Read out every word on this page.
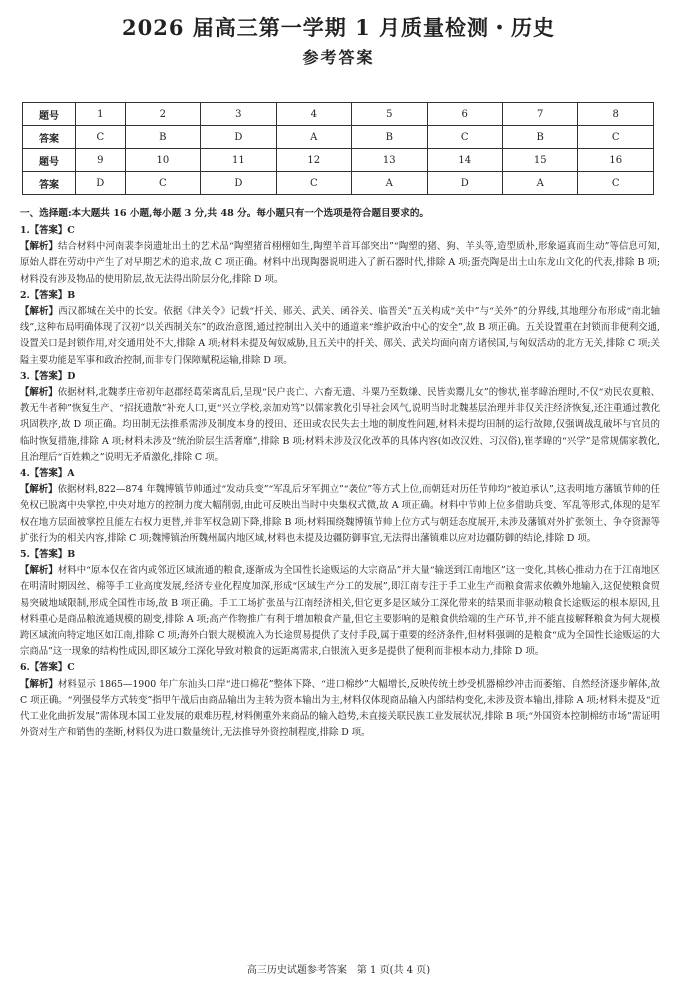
2026 届高三第一学期 1 月质量检测・历史
参考答案
题号	1	2	3	4	5	6	7	8
答案	C	B	D	A	B	C	B	C
题号	9	10	11	12	13	14	15	16
答案	D	C	D	C	A	D	A	C
一、选择题:本大题共 16 小题,每小题 3 分,共 48 分。每小题只有一个选项是符合题目要求的。
1.【答案】C

【解析】结合材料中河南裴李岗遗址出土的艺术品“陶塑猪首栩栩如生,陶塑羊首耳部突出”“陶塑的猪、狗、羊头等,造型质朴,形象逼真而生动”等信息可知,原始人群在劳动中产生了对早期艺术的追求,故 C 项正确。材料中出现陶器说明进入了新石器时代,排除 A 项;蛋壳陶是出土山东龙山文化的代表,排除 B 项;材料没有涉及物品的使用阶层,故无法得出阶层分化,排除 D 项。

2.【答案】B

【解析】西汉都城在关中的长安。依据《津关令》记载“扦关、郧关、武关、函谷关、临晋关”五关构成“关中”与“关外”的分界线,其地理分布形成“南北轴线”,这种布局明确体现了汉初“以关西制关东”的政治意图,通过控制出入关中的通道来“维护政治中心的安全”,故 B 项正确。五关设置重在封锁而非便利交通,设置关口是封锁作用,对交通用处不大,排除 A 项;材料未提及匈奴威胁,且五关中的扦关、郧关、武关均面向南方诸侯国,与匈奴活动的北方无关,排除 C 项;关隘主要功能是军事和政治控制,而非专门保障赋税运输,排除 D 项。

3.【答案】D

【解析】依据材料,北魏孝庄帝初年赵郡经葛荣离乱后,呈现“民户丧亡、六畜无遗、斗粟乃至数缣、民皆卖鬻儿女”的惨状,崔孝暐治理时,不仅“劝民农夏粮、教无牛者种”恢复生产、“招抚遗散”补充人口,更“兴立学校,亲加劝笃”以儒家教化引导社会风气,说明当时北魏基层治理并非仅关注经济恢复,还注重通过教化巩固秩序,故 D 项正确。均田制无法推系需涉及制度本身的授田、还田或农民失去土地的制度性问题,材料未提均田制的运行故障,仅强调战乱破坏与官员的临时恢复措施,排除 A 项;材料未涉及“统治阶层生活奢靡”,排除 B 项;材料未涉及汉化改革的具体内容(如改汉姓、习汉俗),崔孝暐的“兴学”是常规儒家教化,且治理后“百姓赖之”说明无矛盾激化,排除 C 项。

4.【答案】A

【解析】依据材料,822—874 年魏博镇节帅通过“发动兵变”“军乱后牙军拥立”“袭位”等方式上位,而朝廷对历任节帅均“被迫承认”,这表明地方藩镇节帅的任免权已脱离中央掌控,中央对地方的控制力度大幅削弱,由此可反映出当时中央集权式微,故 A 项正确。材料中节帅上位多借助兵变、军乱等形式,体现的是军权在地方层面被掌控且能左右权力更替,并非军权急剧下降,排除 B 项;材料围绕魏博镇节帅上位方式与朝廷态度展开,未涉及藩镇对外扩张领土、争夺资源等扩张行为的相关内容,排除 C 项;魏博镇治所魏州属内地区域,材料也未提及边疆防御事宜,无法得出藩镇难以应对边疆防御的结论,排除 D 项。

5.【答案】B

【解析】材料中“原本仅在省内或邻近区域流通的粮食,逐渐成为全国性长途贩运的大宗商品”并大量“输送到江南地区”这一变化,其核心推动力在于江南地区在明清时期因丝、棉等手工业高度发展,经济专业化程度加深,形成“区域生产分工的发展”,即江南专注于手工业生产而粮食需求依赖外地输入,这促使粮食贸易突破地域限制,形成全国性市场,故 B 项正确。手工工场扩张虽与江南经济相关,但它更多是区域分工深化带来的结果而非驱动粮食长途贩运的根本原因,且材料重心是商品粮流通规模的剧变,排除 A 项;高产作物推广有利于增加粮食产量,但它主要影响的是粮食供给端的生产环节,并不能直接解释粮食为何大规模跨区域流向特定地区如江南,排除 C 项;海外白银大规模流入为长途贸易提供了支付手段,属于重要的经济条件,但材料强调的是粮食“成为全国性长途贩运的大宗商品”这一现象的结构性成因,即区域分工深化导致对粮食的远距离需求,白银流入更多是提供了便利而非根本动力,排除 D 项。

6.【答案】C

【解析】材料显示 1865—1900 年广东汕头口岸“进口棉花”整体下降、“进口棉纱”大幅增长,反映传统土纱受机器棉纱冲击而萎缩、自然经济逐步解体,故 C 项正确。“列强侵华方式转变”指甲午战后由商品输出为主转为资本输出为主,材料仅体现商品输入内部结构变化,未涉及资本输出,排除 A 项;材料未提及“近代工业化曲折发展”需体现本国工业发展的艰难历程,材料侧重外来商品的输入趋势,未直接关联民族工业发展状况,排除 B 项;“外国资本控制棉纺市场”需证明外资对生产和销售的垄断,材料仅为进口数量统计,无法推导外资控制程度,排除 D 项。

高三历史试题参考答案　第 1 页(共 4 页)
